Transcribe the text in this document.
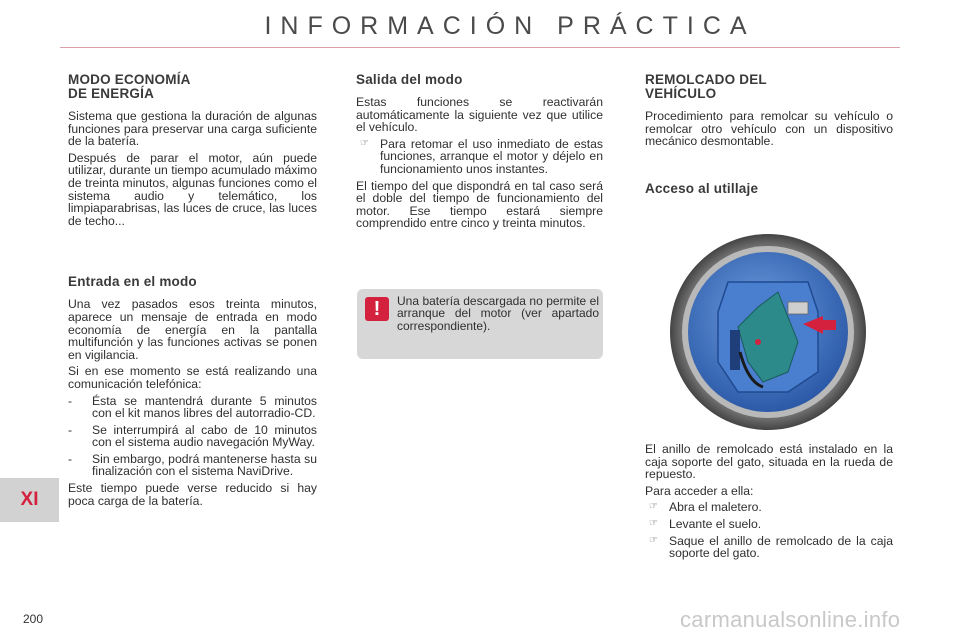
INFORMACIÓN PRÁCTICA
MODO ECONOMÍA
DE ENERGÍA

Sistema que gestiona la duración de algunas funciones para preservar una carga suficiente de la batería.

Después de parar el motor, aún puede utilizar, durante un tiempo acumulado máximo de treinta minutos, algunas funciones como el sistema audio y telemático, los limpiaparabrisas, las luces de cruce, las luces de techo...

Entrada en el modo

Una vez pasados esos treinta minutos, aparece un mensaje de entrada en modo economía de energía en la pantalla multifunción y las funciones activas se ponen en vigilancia.

Si en ese momento se está realizando una comunicación telefónica:

- Ésta se mantendrá durante 5 minutos con el kit manos libres del autorradio-CD.
- Se interrumpirá al cabo de 10 minutos con el sistema audio navegación MyWay.
- Sin embargo, podrá mantenerse hasta su finalización con el sistema NaviDrive.

Este tiempo puede verse reducido si hay poca carga de la batería.

Salida del modo

Estas funciones se reactivarán automáticamente la siguiente vez que utilice el vehículo.

☞ Para retomar el uso inmediato de estas funciones, arranque el motor y déjelo en funcionamiento unos instantes.

El tiempo del que dispondrá en tal caso será el doble del tiempo de funcionamiento del motor. Ese tiempo estará siempre comprendido entre cinco y treinta minutos.

!	Una batería descargada no permite el arranque del motor (ver apartado correspondiente).
REMOLCADO DEL
VEHÍCULO

Procedimiento para remolcar su vehículo o remolcar otro vehículo con un dispositivo mecánico desmontable.

Acceso al utillaje

El anillo de remolcado está instalado en la caja soporte del gato, situada en la rueda de repuesto.

Para acceder a ella:

☞ Abra el maletero.
☞ Levante el suelo.
☞ Saque el anillo de remolcado de la caja soporte del gato.
XI
200	carmanualsonline.info
